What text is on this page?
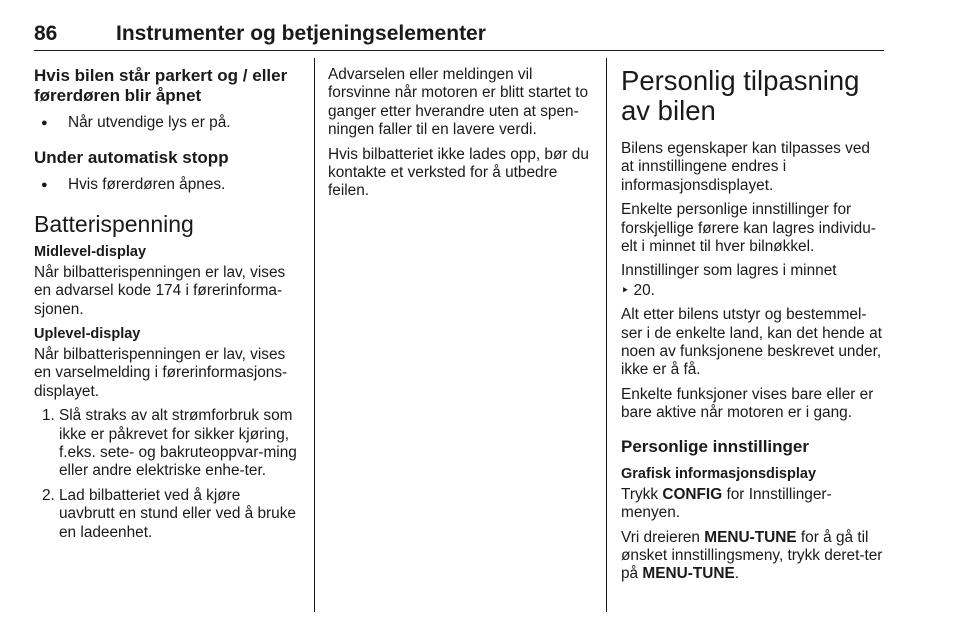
86	Instrumenter og betjeningselementer
Hvis bilen står parkert og / eller førerdøren blir åpnet
● Når utvendige lys er på.
Under automatisk stopp
● Hvis førerdøren åpnes.
Batterispenning
Midlevel-display

Når bilbatterispenningen er lav, vises en advarsel kode 174 i førerinforma-sjonen.

Uplevel-display

Når bilbatterispenningen er lav, vises en varselmelding i førerinformasjons-displayet.

1. Slå straks av alt strømforbruk som ikke er påkrevet for sikker kjøring, f.eks. sete- og bakruteoppvar-ming eller andre elektriske enhe-ter.
2. Lad bilbatteriet ved å kjøre uavbrutt en stund eller ved å bruke en ladeenhet.

Advarselen eller meldingen vil forsvinne når motoren er blitt startet to ganger etter hverandre uten at spen-ningen faller til en lavere verdi.

Hvis bilbatteriet ikke lades opp, bør du kontakte et verksted for å utbedre feilen.

Personlig tilpasning av bilen

Bilens egenskaper kan tilpasses ved at innstillingene endres i informasjonsdisplayet.

Enkelte personlige innstillinger for forskjellige førere kan lagres individu-elt i minnet til hver bilnøkkel.

Innstillinger som lagres i minnet
‣ 20.

Alt etter bilens utstyr og bestemmel-ser i de enkelte land, kan det hende at noen av funksjonene beskrevet under, ikke er å få.

Enkelte funksjoner vises bare eller er bare aktive når motoren er i gang.

Personlige innstillinger
Grafisk informasjonsdisplay

Trykk CONFIG for Innstillinger-menyen.

Vri dreieren MENU-TUNE for å gå til ønsket innstillingsmeny, trykk deret-ter på MENU-TUNE.
